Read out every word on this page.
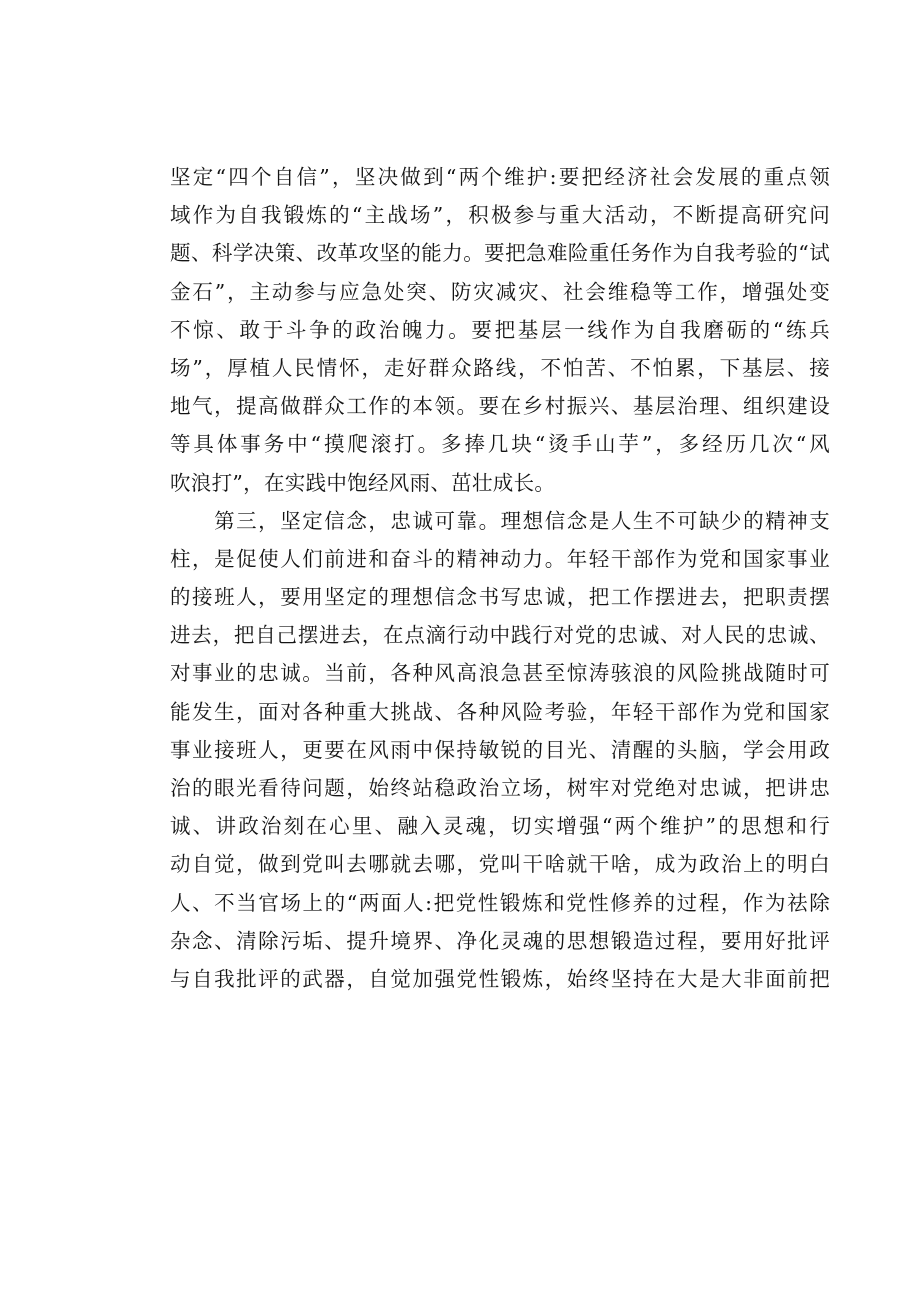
坚定“四个自信”，坚决做到“两个维护:要把经济社会发展的重点领
域作为自我锻炼的“主战场”，积极参与重大活动，不断提高研究问
题、科学决策、改革攻坚的能力。要把急难险重任务作为自我考验的“试
金石”，主动参与应急处突、防灾减灾、社会维稳等工作，增强处变
不惊、敢于斗争的政治魄力。要把基层一线作为自我磨砺的“练兵
场”，厚植人民情怀，走好群众路线，不怕苦、不怕累，下基层、接
地气，提高做群众工作的本领。要在乡村振兴、基层治理、组织建设
等具体事务中“摸爬滚打。多捧几块“烫手山芋”，多经历几次“风
吹浪打”，在实践中饱经风雨、茁壮成长。
　　第三，坚定信念，忠诚可靠。理想信念是人生不可缺少的精神支
柱，是促使人们前进和奋斗的精神动力。年轻干部作为党和国家事业
的接班人，要用坚定的理想信念书写忠诚，把工作摆进去，把职责摆
进去，把自己摆进去，在点滴行动中践行对党的忠诚、对人民的忠诚、
对事业的忠诚。当前，各种风高浪急甚至惊涛骇浪的风险挑战随时可
能发生，面对各种重大挑战、各种风险考验，年轻干部作为党和国家
事业接班人，更要在风雨中保持敏锐的目光、清醒的头脑，学会用政
治的眼光看待问题，始终站稳政治立场，树牢对党绝对忠诚，把讲忠
诚、讲政治刻在心里、融入灵魂，切实增强“两个维护”的思想和行
动自觉，做到党叫去哪就去哪，党叫干啥就干啥，成为政治上的明白
人、不当官场上的“两面人:把党性锻炼和党性修养的过程，作为祛除
杂念、清除污垢、提升境界、净化灵魂的思想锻造过程，要用好批评
与自我批评的武器，自觉加强党性锻炼，始终坚持在大是大非面前把
